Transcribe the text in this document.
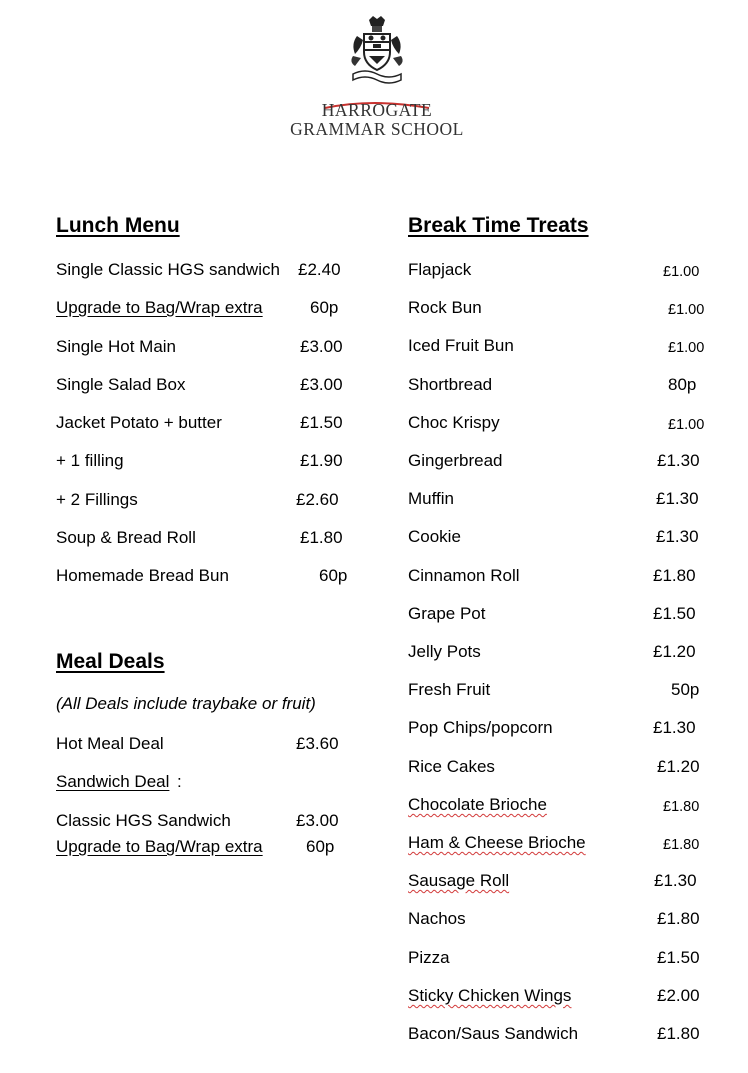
HARROGATE
GRAMMAR SCHOOL
Lunch Menu
Single Classic HGS sandwich £2.40
Upgrade to Bag/Wrap extra	60p
Single Hot Main	£3.00
Single Salad Box	£3.00
Jacket Potato + butter	£1.50
+ 1 filling	£1.90
+ 2 Fillings	£2.60
Soup & Bread Roll	£1.80
Homemade Bread Bun	60p
Meal Deals
(All Deals include traybake or fruit)
Hot Meal Deal	£3.60
Sandwich Deal :
Classic HGS Sandwich	£3.00
Upgrade to Bag/Wrap extra	60p
Break Time Treats
Flapjack	£1.00
Rock Bun	£1.00
Iced Fruit Bun	£1.00
Shortbread	80p
Choc Krispy	£1.00
Gingerbread	£1.30
Muffin	£1.30
Cookie	£1.30
Cinnamon Roll	£1.80
Grape Pot	£1.50
Jelly Pots	£1.20
Fresh Fruit	50p
Pop Chips/popcorn	£1.30
Rice Cakes	£1.20
Chocolate Brioche	£1.80
Ham & Cheese Brioche	£1.80
Sausage Roll	£1.30
Nachos	£1.80
Pizza	£1.50
Sticky Chicken Wings	£2.00
Bacon/Saus Sandwich	£1.80
